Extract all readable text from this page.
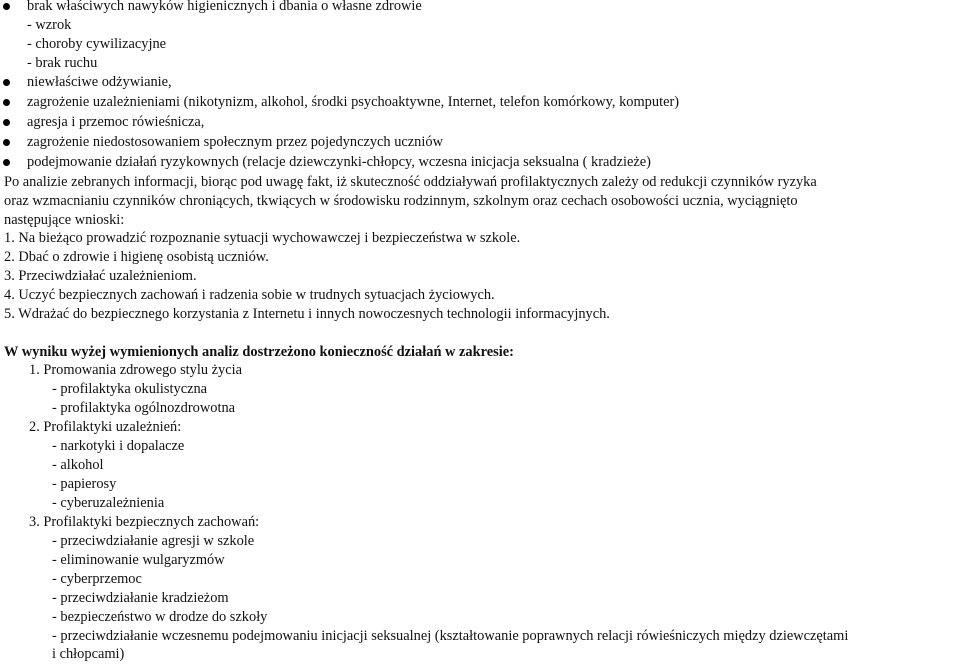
brak właściwych nawyków higienicznych i dbania o własne zdrowie
- wzrok
- choroby cywilizacyjne
- brak ruchu
niewłaściwe odżywianie,
zagrożenie uzależnieniami (nikotynizm, alkohol, środki psychoaktywne, Internet, telefon komórkowy, komputer)
agresja i przemoc rówieśnicza,
zagrożenie niedostosowaniem społecznym przez pojedynczych uczniów
podejmowanie działań ryzykownych (relacje dziewczynki-chłopcy, wczesna inicjacja seksualna ( kradzieże)
Po analizie zebranych informacji, biorąc pod uwagę fakt, iż skuteczność oddziaływań profilaktycznych zależy od redukcji czynników ryzyka
oraz wzmacnianiu czynników chroniących, tkwiących w środowisku rodzinnym, szkolnym oraz cechach osobowości ucznia, wyciągnięto
następujące wnioski:
1. Na bieżąco prowadzić rozpoznanie sytuacji wychowawczej i bezpieczeństwa w szkole.
2. Dbać o zdrowie i higienę osobistą uczniów.
3. Przeciwdziałać uzależnieniom.
4. Uczyć bezpiecznych zachowań i radzenia sobie w trudnych sytuacjach życiowych.
5. Wdrażać do bezpiecznego korzystania z Internetu i innych nowoczesnych technologii informacyjnych.
W wyniku wyżej wymienionych analiz dostrzeżono konieczność działań w zakresie:
1. Promowania zdrowego stylu życia
- profilaktyka okulistyczna
- profilaktyka ogólnozdrowotna
2. Profilaktyki uzależnień:
- narkotyki i dopalacze
- alkohol
- papierosy
- cyberuzależnienia
3. Profilaktyki bezpiecznych zachowań:
- przeciwdziałanie agresji w szkole
- eliminowanie wulgaryzmów
- cyberprzemoc
- przeciwdziałanie kradzieżom
- bezpieczeństwo w drodze do szkoły
- przeciwdziałanie wczesnemu podejmowaniu inicjacji seksualnej (kształtowanie poprawnych relacji rówieśniczych między dziewczętami
i chłopcami)
